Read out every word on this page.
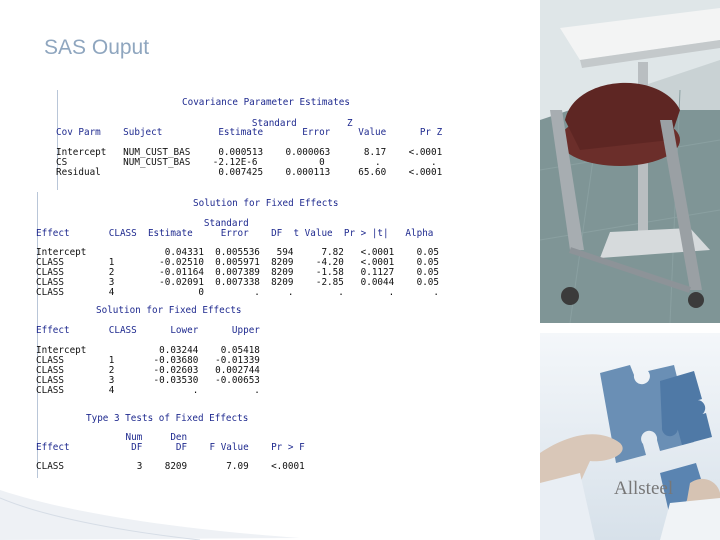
SAS Ouput
Covariance Parameter Estimates
Standard         Z
Cov Parm    Subject          Estimate       Error     Value      Pr Z
Intercept   NUM_CUST_BAS     0.000513    0.000063      8.17    <.0001
CS          NUM_CUST_BAS    -2.12E-6           0         .         .
Residual                     0.007425    0.000113     65.60    <.0001
Solution for Fixed Effects
Standard
Effect       CLASS  Estimate     Error    DF  t Value  Pr > |t|   Alpha
Intercept              0.04331  0.005536   594     7.82   <.0001    0.05
CLASS        1        -0.02510  0.005971  8209    -4.20   <.0001    0.05
CLASS        2        -0.01164  0.007389  8209    -1.58   0.1127    0.05
CLASS        3        -0.02091  0.007338  8209    -2.85   0.0044    0.05
CLASS        4               0         .     .        .        .       .
Solution for Fixed Effects
Effect       CLASS      Lower      Upper
Intercept             0.03244    0.05418
CLASS        1       -0.03680   -0.01339
CLASS        2       -0.02603   0.002744
CLASS        3       -0.03530   -0.00653
CLASS        4              .          .
Type 3 Tests of Fixed Effects
Num     Den
Effect           DF      DF    F Value    Pr > F
CLASS             3    8209       7.09    <.0001
Allsteel
